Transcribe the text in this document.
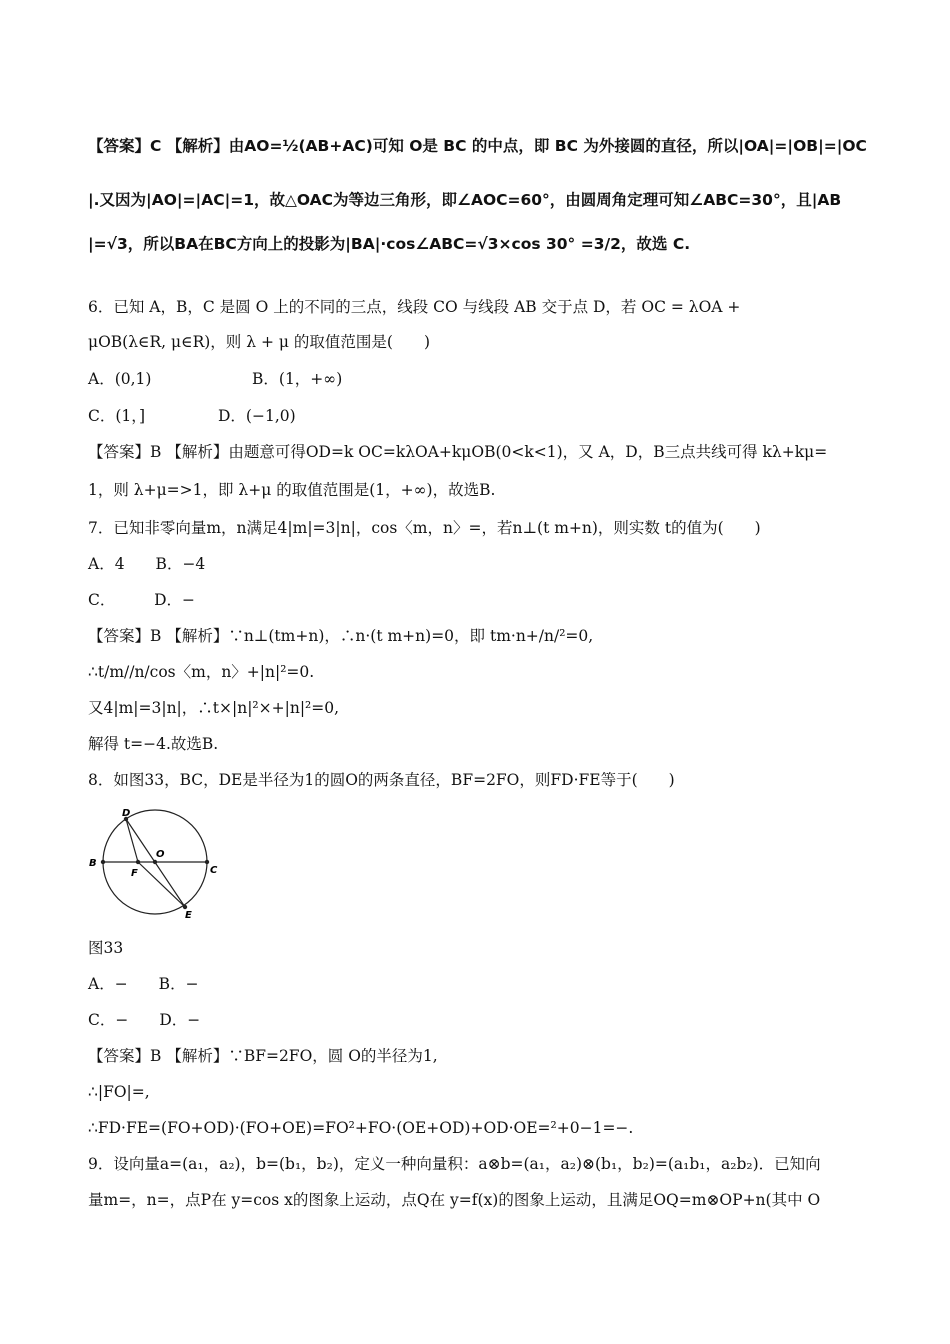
【答案】C 【解析】由AO=½(AB+AC)可知 O是 BC 的中点，即 BC 为外接圆的直径，所以|OA|=|OB|=|OC
|.又因为|AO|=|AC|=1，故△OAC为等边三角形，即∠AOC=60°，由圆周角定理可知∠ABC=30°，且|AB
|=√3，所以BA在BC方向上的投影为|BA|·cos∠ABC=√3×cos 30° =3/2，故选 C.
6．已知 A，B，C 是圆 O 上的不同的三点，线段 CO 与线段 AB 交于点 D，若 OC = λOA +
μOB(λ∈R, μ∈R)，则 λ + μ 的取值范围是(　　)
A．(0,1)	B．(1，+∞)
C．(1，]	D．(−1,0)
【答案】B 【解析】由题意可得OD=k OC=kλOA+kμOB(0<k<1)，又 A，D，B三点共线可得 kλ+kμ=
1，则 λ+μ=>1，即 λ+μ 的取值范围是(1，+∞)，故选B.
7．已知非零向量m，n满足4|m|=3|n|，cos〈m，n〉=，若n⊥(t m+n)，则实数 t的值为(　　)
A．4　　B．−4
C．　　　D．−
【答案】B 【解析】∵n⊥(tm+n)，∴n·(t m+n)=0，即 tm·n+/n/²=0,
∴t/m//n/cos〈m，n〉+|n|²=0.
又4|m|=3|n|，∴t×|n|²×+|n|²=0,
解得 t=−4.故选B.
8．如图33，BC，DE是半径为1的圆O的两条直径，BF=2FO，则FD·FE等于(　　)
D
B
O
C
F
E
图33
A．−　　B．−
C．−　　D．−
【答案】B 【解析】∵BF=2FO，圆 O的半径为1,
∴|FO|=,
∴FD·FE=(FO+OD)·(FO+OE)=FO²+FO·(OE+OD)+OD·OE=²+0−1=−.
9．设向量a=(a₁，a₂)，b=(b₁，b₂)，定义一种向量积：a⊗b=(a₁，a₂)⊗(b₁，b₂)=(a₁b₁，a₂b₂)．已知向
量m=，n=，点P在 y=cos x的图象上运动，点Q在 y=f(x)的图象上运动，且满足OQ=m⊗OP+n(其中 O
